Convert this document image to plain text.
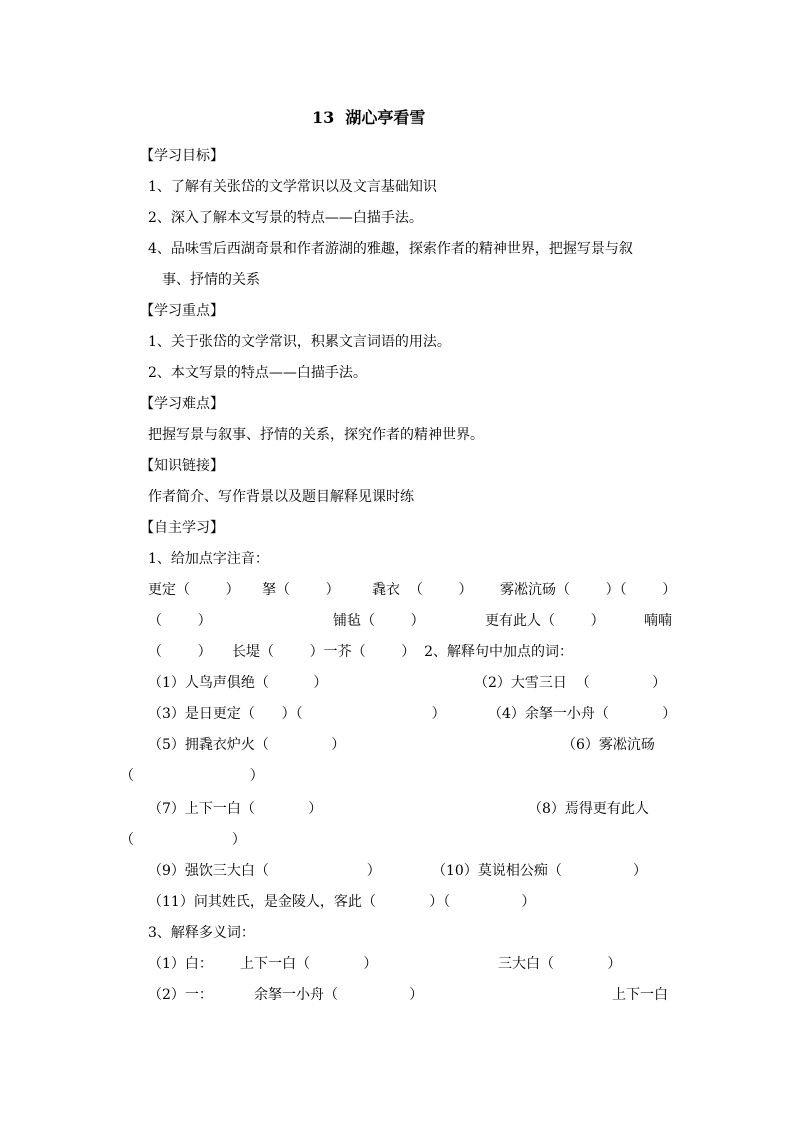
13  湖心亭看雪
【学习目标】
1、了解有关张岱的文学常识以及文言基础知识
2、深入了解本文写景的特点——白描手法。
4、品味雪后西湖奇景和作者游湖的雅趣，探索作者的精神世界，把握写景与叙
事、抒情的关系
【学习重点】
1、关于张岱的文学常识，积累文言词语的用法。
2、本文写景的特点——白描手法。
【学习难点】
把握写景与叙事、抒情的关系，探究作者的精神世界。
【知识链接】
作者简介、写作背景以及题目解释见课时练
【自主学习】
1、给加点字注音：
更定（        ） 拏（        ） 毳衣  （        ） 雾凇沆砀（        ）（        ）
（        ）	铺毡（        ）	更有此人（        ）	喃喃
（        ） 长堤（        ）一芥（        ）  2、解释句中加点的词：
（1）人鸟声俱绝（          ）	（2）大雪三日  （              ）
（3）是日更定（      ）（                             ）	（4）余拏一小舟（            ）
（5）拥毳衣炉火（              ）	（6）雾凇沆砀
（                          ）
（7）上下一白（            ）	（8）焉得更有此人
（                      ）
（9）强饮三大白（                      ）	（10）莫说相公痴（                ）
（11）问其姓氏，是金陵人，客此（            ）（                ）
3、解释多义词：
（1）白： 上下一白（            ）	三大白（            ）
（2）一：	余拏一小舟（                ）	上下一白
